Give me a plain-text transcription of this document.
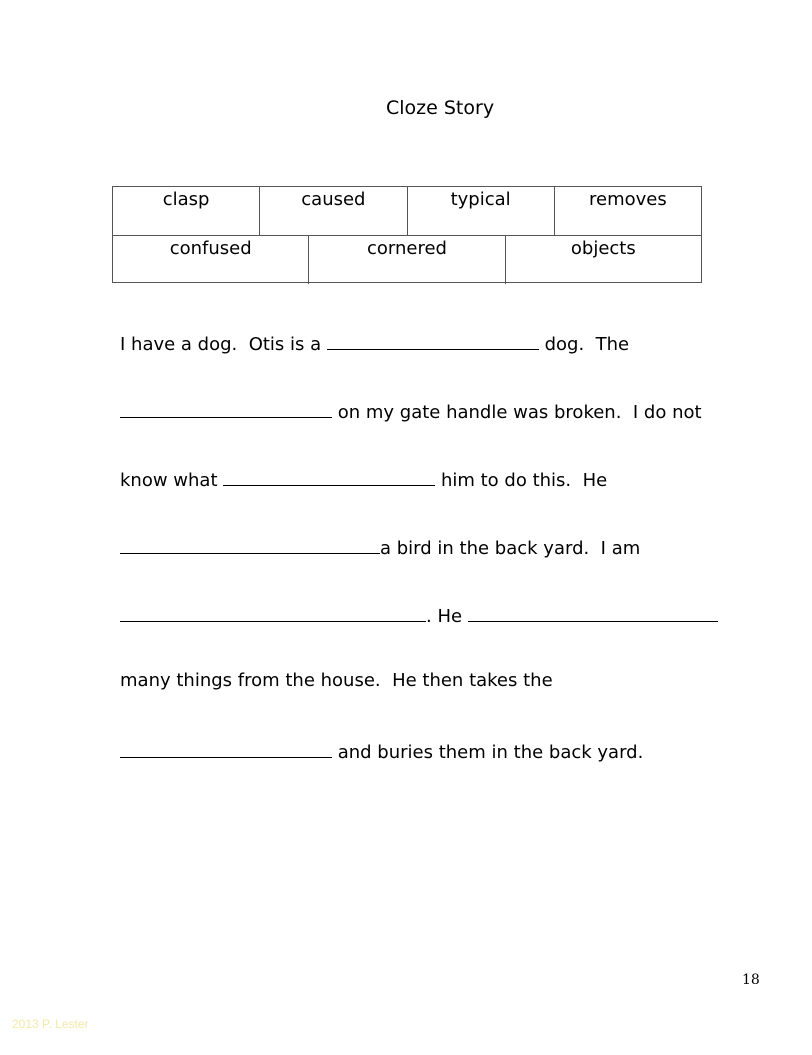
Cloze Story
clasp	caused	typical	removes
confused	cornered	objects
I have a dog.  Otis is a	dog.  The
on my gate handle was broken.  I do not
know what	him to do this.  He
a bird in the back yard.  I am
. He
many things from the house.  He then takes the
and buries them in the back yard.
18
2013 P. Lester
